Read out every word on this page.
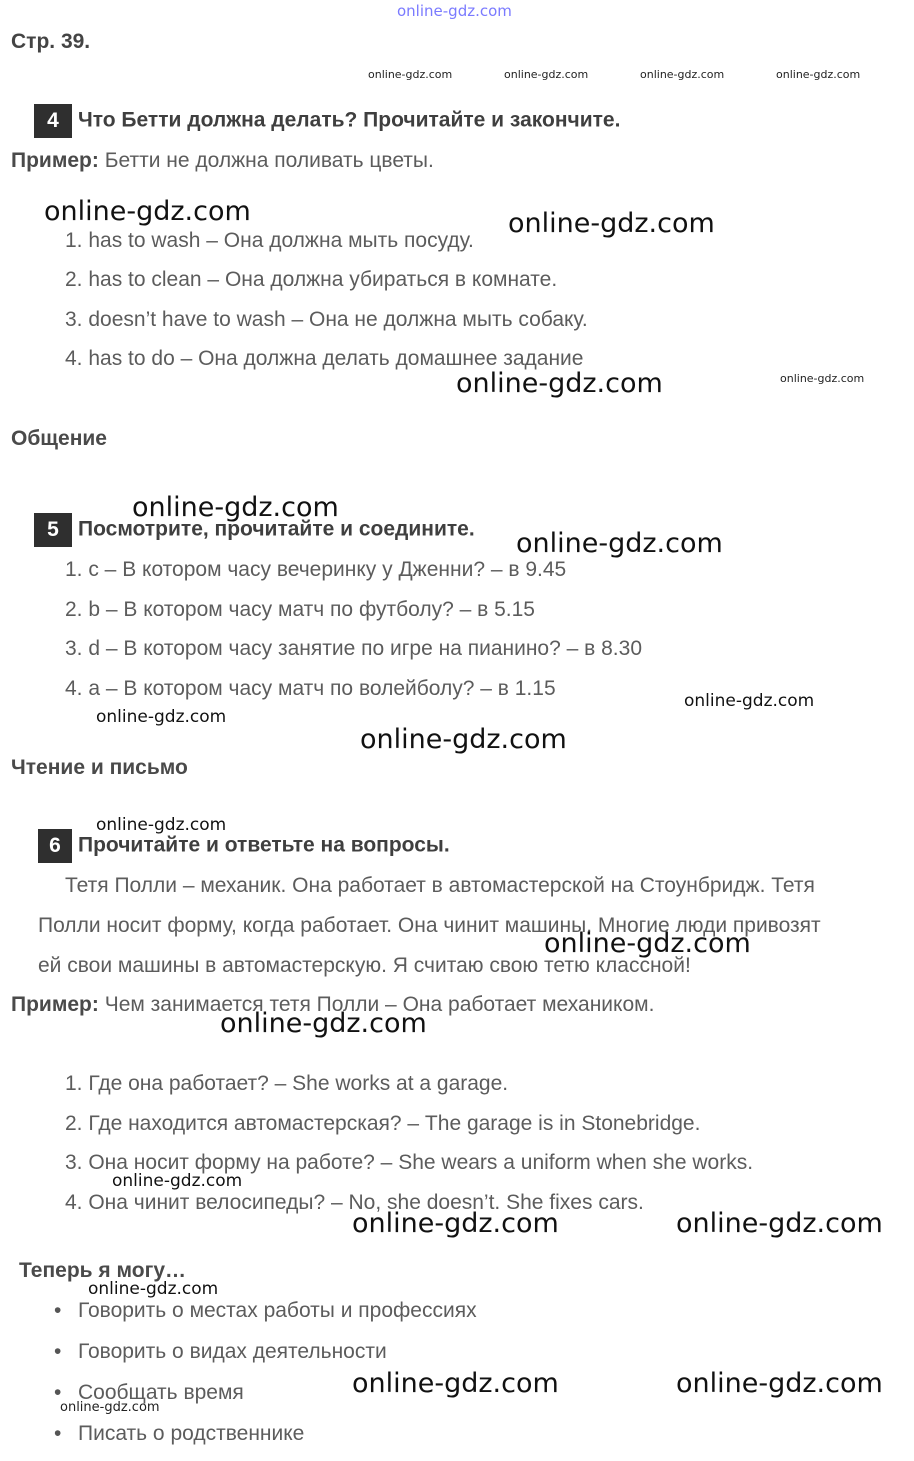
online-gdz.com
Стр. 39.
online-gdz.com	online-gdz.com	online-gdz.com	online-gdz.com
4 Что Бетти должна делать? Прочитайте и закончите.
Пример: Бетти не должна поливать цветы.
1. has to wash – Она должна мыть посуду.
2. has to clean – Она должна убираться в комнате.
3. doesn’t have to wash – Она не должна мыть собаку.
4. has to do – Она должна делать домашнее задание
online-gdz.com	online-gdz.com
online-gdz.com	online-gdz.com
Общение
5 Посмотрите, прочитайте и соедините.
1. c – В котором часу вечеринку у Дженни? – в 9.45
2. b – В котором часу матч по футболу? – в 5.15
3. d – В котором часу занятие по игре на пианино? – в 8.30
4. a – В котором часу матч по волейболу? – в 1.15
online-gdz.com
online-gdz.com
online-gdz.com
online-gdz.com
online-gdz.com
Чтение и письмо
online-gdz.com
6 Прочитайте и ответьте на вопросы.
Тетя Полли – механик. Она работает в автомастерской на Стоунбридж. Тетя
Полли носит форму, когда работает. Она чинит машины. Многие люди привозят
ей свои машины в автомастерскую. Я считаю свою тетю классной!
online-gdz.com
Пример: Чем занимается тетя Полли – Она работает механиком.
online-gdz.com
1. Где она работает? – She works at a garage.
2. Где находится автомастерская? – The garage is in Stonebridge.
3. Она носит форму на работе? – She wears a uniform when she works.
4. Она чинит велосипеды? – No, she doesn’t. She fixes cars.
online-gdz.com
online-gdz.com	online-gdz.com
Теперь я могу…
online-gdz.com
• Говорить о местах работы и профессиях
• Говорить о видах деятельности
• Сообщать время
• Писать о родственнике
online-gdz.com	online-gdz.com
online-gdz.com
